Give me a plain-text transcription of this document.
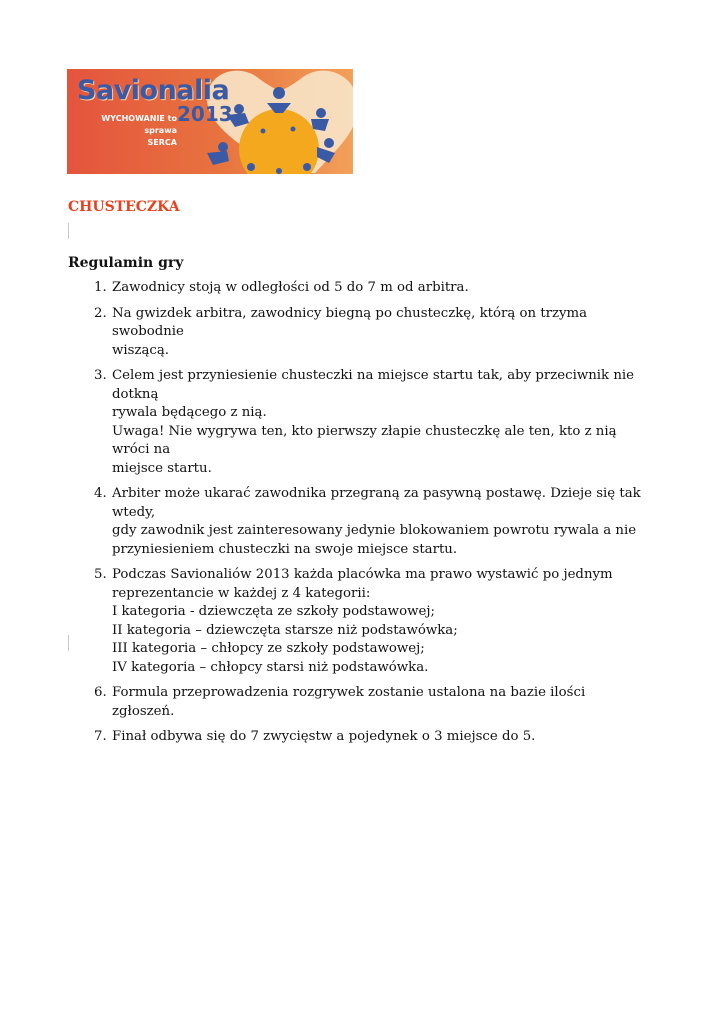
Savionalia
2013
WYCHOWANIE to sprawa
SERCA
CHUSTECZKA
Regulamin gry
1. Zawodnicy stoją w odległości od 5 do 7 m od arbitra.
2. Na gwizdek arbitra, zawodnicy biegną po chusteczkę, którą on trzyma swobodnie
wiszącą.
3. Celem jest przyniesienie chusteczki na miejsce startu tak, aby przeciwnik nie dotkną
rywala będącego z nią.
Uwaga! Nie wygrywa ten, kto pierwszy złapie chusteczkę ale ten, kto z nią wróci na
miejsce startu.
4. Arbiter może ukarać zawodnika przegraną za pasywną postawę. Dzieje się tak wtedy,
gdy zawodnik jest zainteresowany jedynie blokowaniem powrotu rywala a nie
przyniesieniem chusteczki na swoje miejsce startu.
5. Podczas Savionaliów 2013 każda placówka ma prawo wystawić po jednym
reprezentancie w każdej z 4 kategorii:
I kategoria - dziewczęta ze szkoły podstawowej;
II kategoria – dziewczęta starsze niż podstawówka;
III kategoria – chłopcy ze szkoły podstawowej;
IV kategoria – chłopcy starsi niż podstawówka.
6. Formula przeprowadzenia rozgrywek zostanie ustalona na bazie ilości zgłoszeń.
7. Finał odbywa się do 7 zwycięstw a pojedynek o 3 miejsce do 5.
